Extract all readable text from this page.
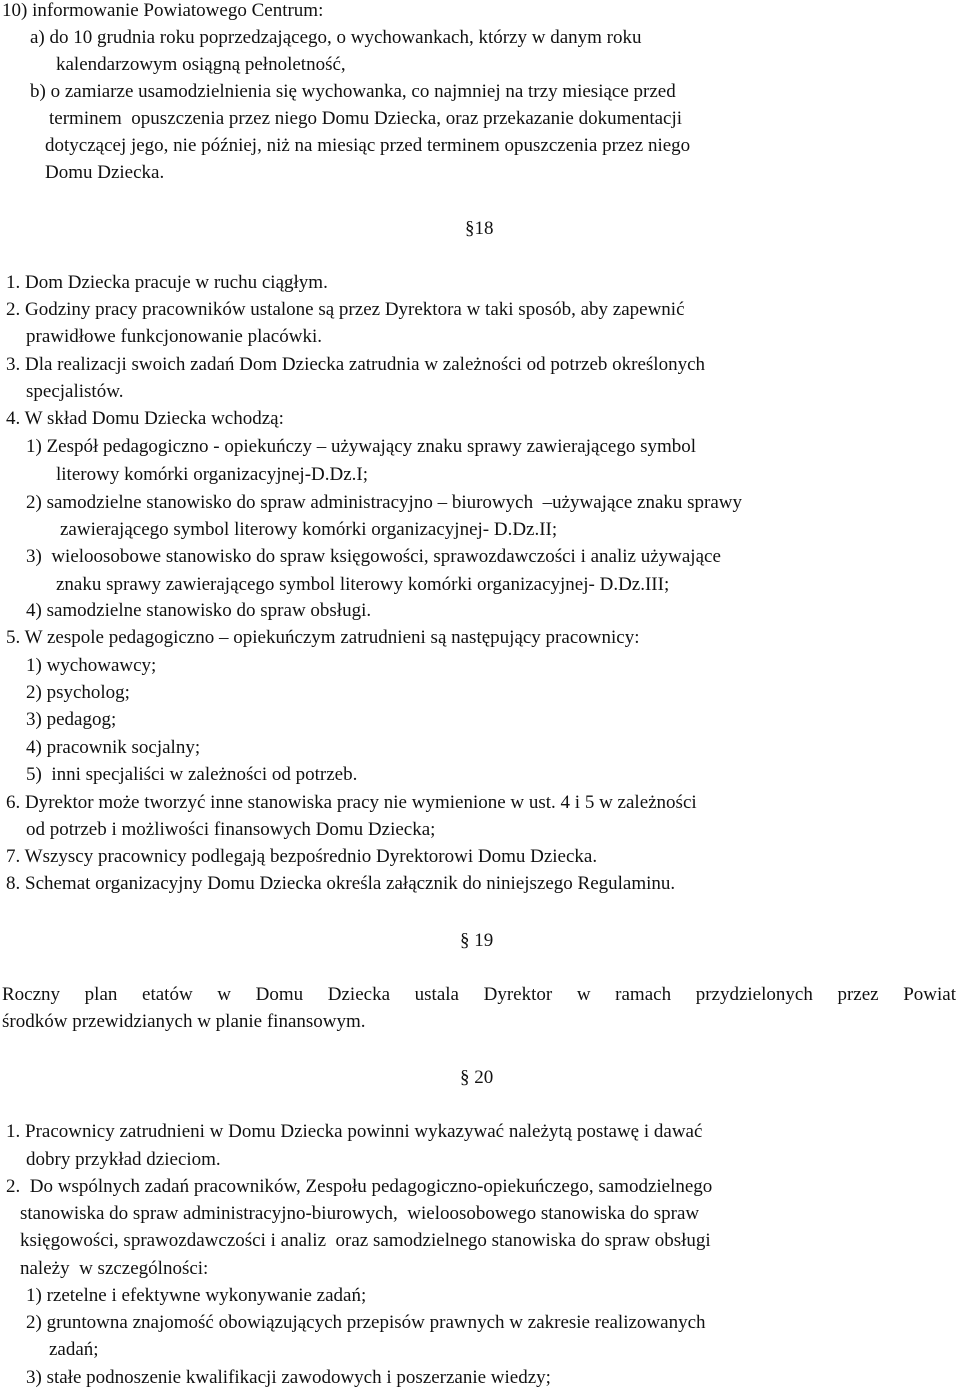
10) informowanie Powiatowego Centrum:
a) do 10 grudnia roku poprzedzającego, o wychowankach, którzy w danym roku
kalendarzowym osiągną pełnoletność,
b) o zamiarze usamodzielnienia się wychowanka, co najmniej na trzy miesiące przed
terminem  opuszczenia przez niego Domu Dziecka, oraz przekazanie dokumentacji
dotyczącej jego, nie później, niż na miesiąc przed terminem opuszczenia przez niego
Domu Dziecka.
§18
1. Dom Dziecka pracuje w ruchu ciągłym.
2. Godziny pracy pracowników ustalone są przez Dyrektora w taki sposób, aby zapewnić
prawidłowe funkcjonowanie placówki.
3. Dla realizacji swoich zadań Dom Dziecka zatrudnia w zależności od potrzeb określonych
specjalistów.
4. W skład Domu Dziecka wchodzą:
1) Zespół pedagogiczno - opiekuńczy – używający znaku sprawy zawierającego symbol
literowy komórki organizacyjnej-D.Dz.I;
2) samodzielne stanowisko do spraw administracyjno – biurowych  –używające znaku sprawy
zawierającego symbol literowy komórki organizacyjnej- D.Dz.II;
3)  wieloosobowe stanowisko do spraw księgowości, sprawozdawczości i analiz używające
znaku sprawy zawierającego symbol literowy komórki organizacyjnej- D.Dz.III;
4) samodzielne stanowisko do spraw obsługi.
5. W zespole pedagogiczno – opiekuńczym zatrudnieni są następujący pracownicy:
1) wychowawcy;
2) psycholog;
3) pedagog;
4) pracownik socjalny;
5)  inni specjaliści w zależności od potrzeb.
6. Dyrektor może tworzyć inne stanowiska pracy nie wymienione w ust. 4 i 5 w zależności
od potrzeb i możliwości finansowych Domu Dziecka;
7. Wszyscy pracownicy podlegają bezpośrednio Dyrektorowi Domu Dziecka.
8. Schemat organizacyjny Domu Dziecka określa załącznik do niniejszego Regulaminu.
§ 19
Roczny plan etatów w Domu Dziecka ustala Dyrektor w ramach przydzielonych przez Powiat
środków przewidzianych w planie finansowym.
§ 20
1. Pracownicy zatrudnieni w Domu Dziecka powinni wykazywać należytą postawę i dawać
dobry przykład dzieciom.
2.  Do wspólnych zadań pracowników, Zespołu pedagogiczno-opiekuńczego, samodzielnego
stanowiska do spraw administracyjno-biurowych,  wieloosobowego stanowiska do spraw
księgowości, sprawozdawczości i analiz  oraz samodzielnego stanowiska do spraw obsługi
należy  w szczególności:
1) rzetelne i efektywne wykonywanie zadań;
2) gruntowna znajomość obowiązujących przepisów prawnych w zakresie realizowanych
zadań;
3) stałe podnoszenie kwalifikacji zawodowych i poszerzanie wiedzy;
